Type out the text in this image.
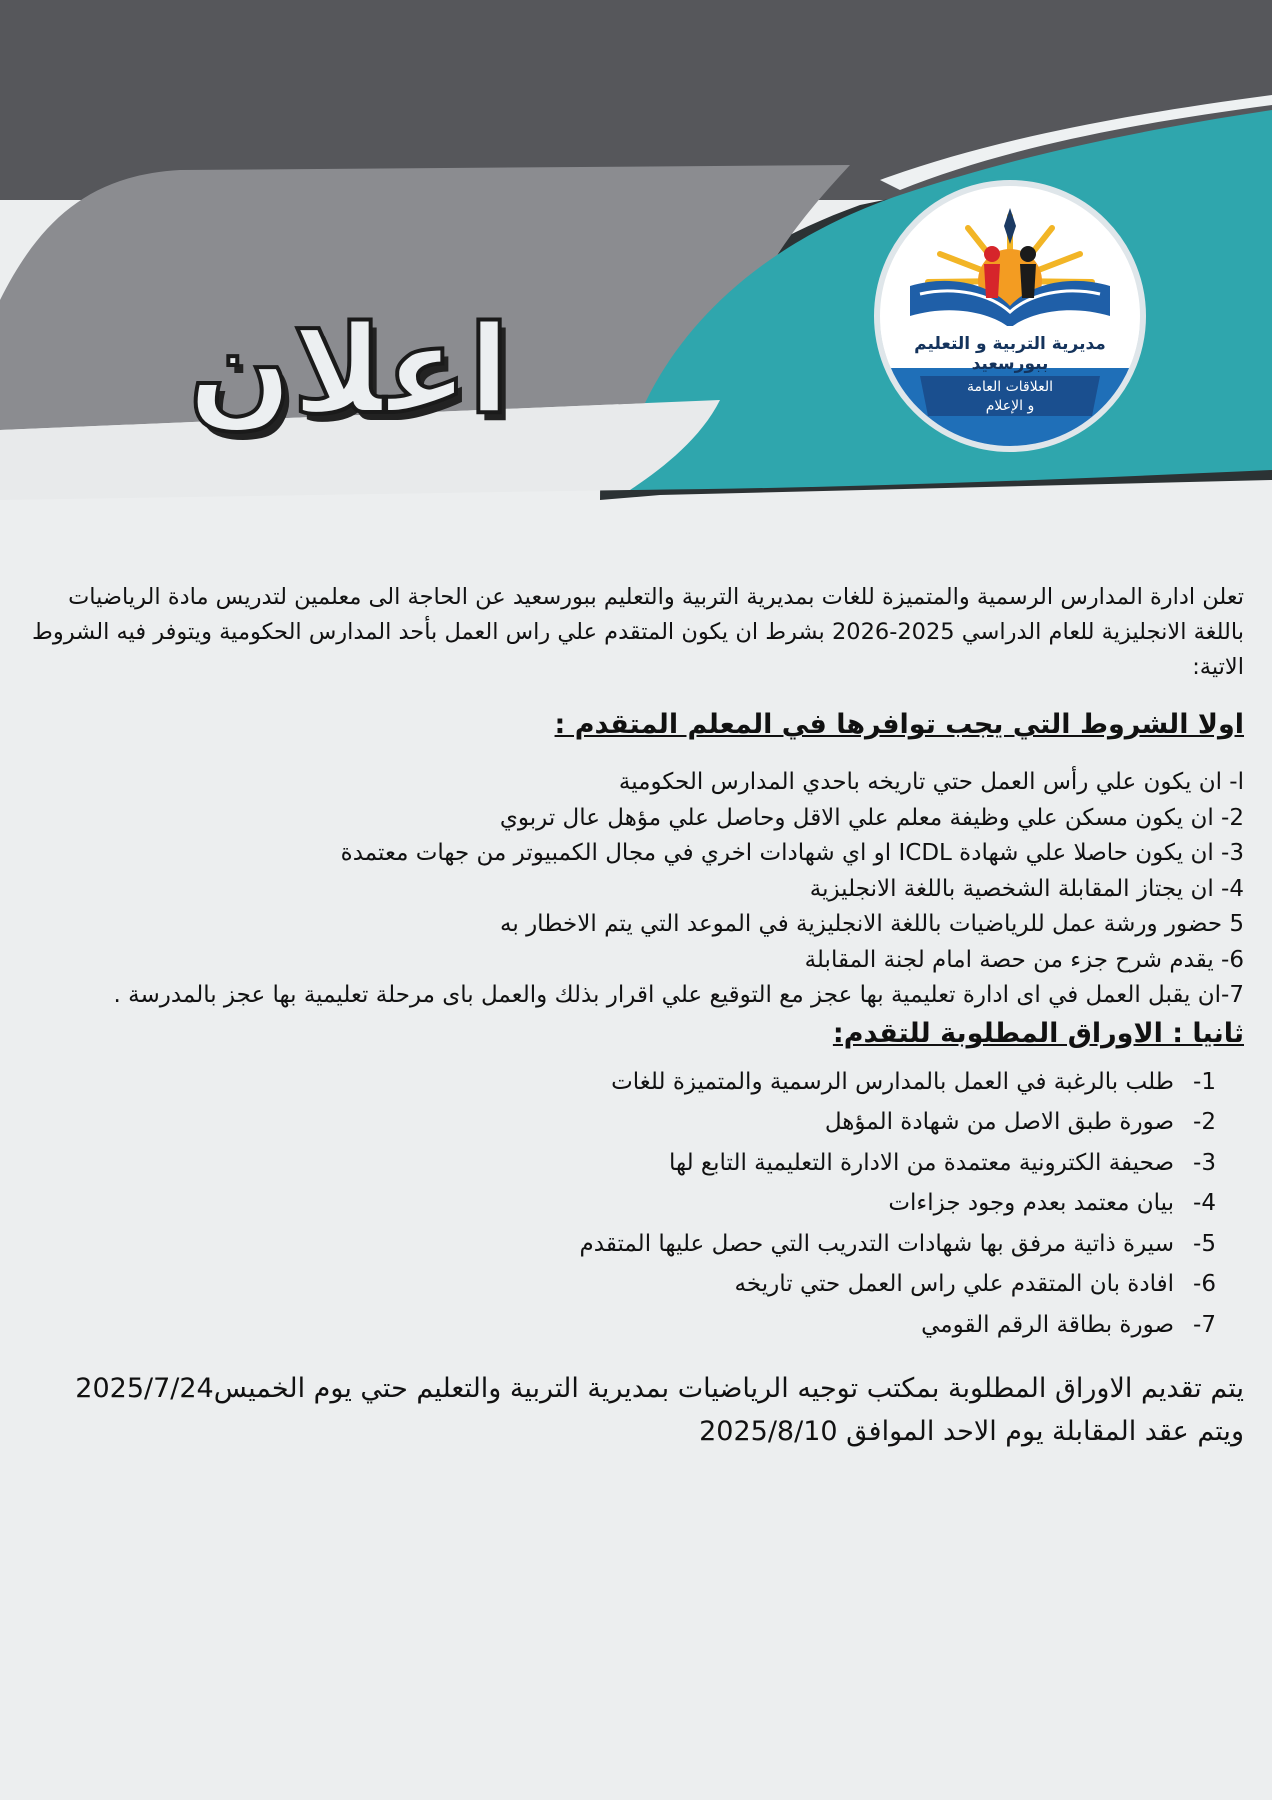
اعلان	مديرية التربية و التعليم ببورسعيد
العلاقات العامة
و الإعلام

تعلن ادارة المدارس الرسمية والمتميزة للغات بمديرية التربية والتعليم ببورسعيد عن الحاجة الى معلمين لتدريس مادة الرياضيات

باللغة الانجليزية للعام الدراسي 2025-2026 بشرط ان يكون المتقدم علي راس العمل بأحد المدارس الحكومية ويتوفر فيه الشروط

الاتية:

اولا الشروط التي يجب توافرها في المعلم المتقدم :

ا- ان يكون علي رأس العمل حتي تاريخه باحدي المدارس الحكومية
2- ان يكون مسكن علي وظيفة معلم علي الاقل وحاصل علي مؤهل عال تربوي
3- ان يكون حاصلا علي شهادة ICDL او اي شهادات اخري في مجال الكمبيوتر من جهات معتمدة
4- ان يجتاز المقابلة الشخصية باللغة الانجليزية
5 حضور ورشة عمل للرياضيات باللغة الانجليزية في الموعد التي يتم الاخطار به
6- يقدم شرح جزء من حصة امام لجنة المقابلة
7-ان يقبل العمل في اى ادارة تعليمية بها عجز مع التوقيع علي اقرار بذلك والعمل باى مرحلة تعليمية بها عجز بالمدرسة .

ثانيا : الاوراق المطلوبة للتقدم:

1-طلب بالرغبة في العمل بالمدارس الرسمية والمتميزة للغات
2-صورة طبق الاصل من شهادة المؤهل
3-صحيفة الكترونية معتمدة من الادارة التعليمية التابع لها
4-بيان معتمد بعدم وجود جزاءات
5-سيرة ذاتية مرفق بها شهادات التدريب التي حصل عليها المتقدم
6-افادة بان المتقدم علي راس العمل حتي تاريخه
7-صورة بطاقة الرقم القومي

يتم تقديم الاوراق المطلوبة بمكتب توجيه الرياضيات بمديرية التربية والتعليم حتي يوم الخميس2025/7/24

ويتم عقد المقابلة يوم الاحد الموافق 2025/8/10
